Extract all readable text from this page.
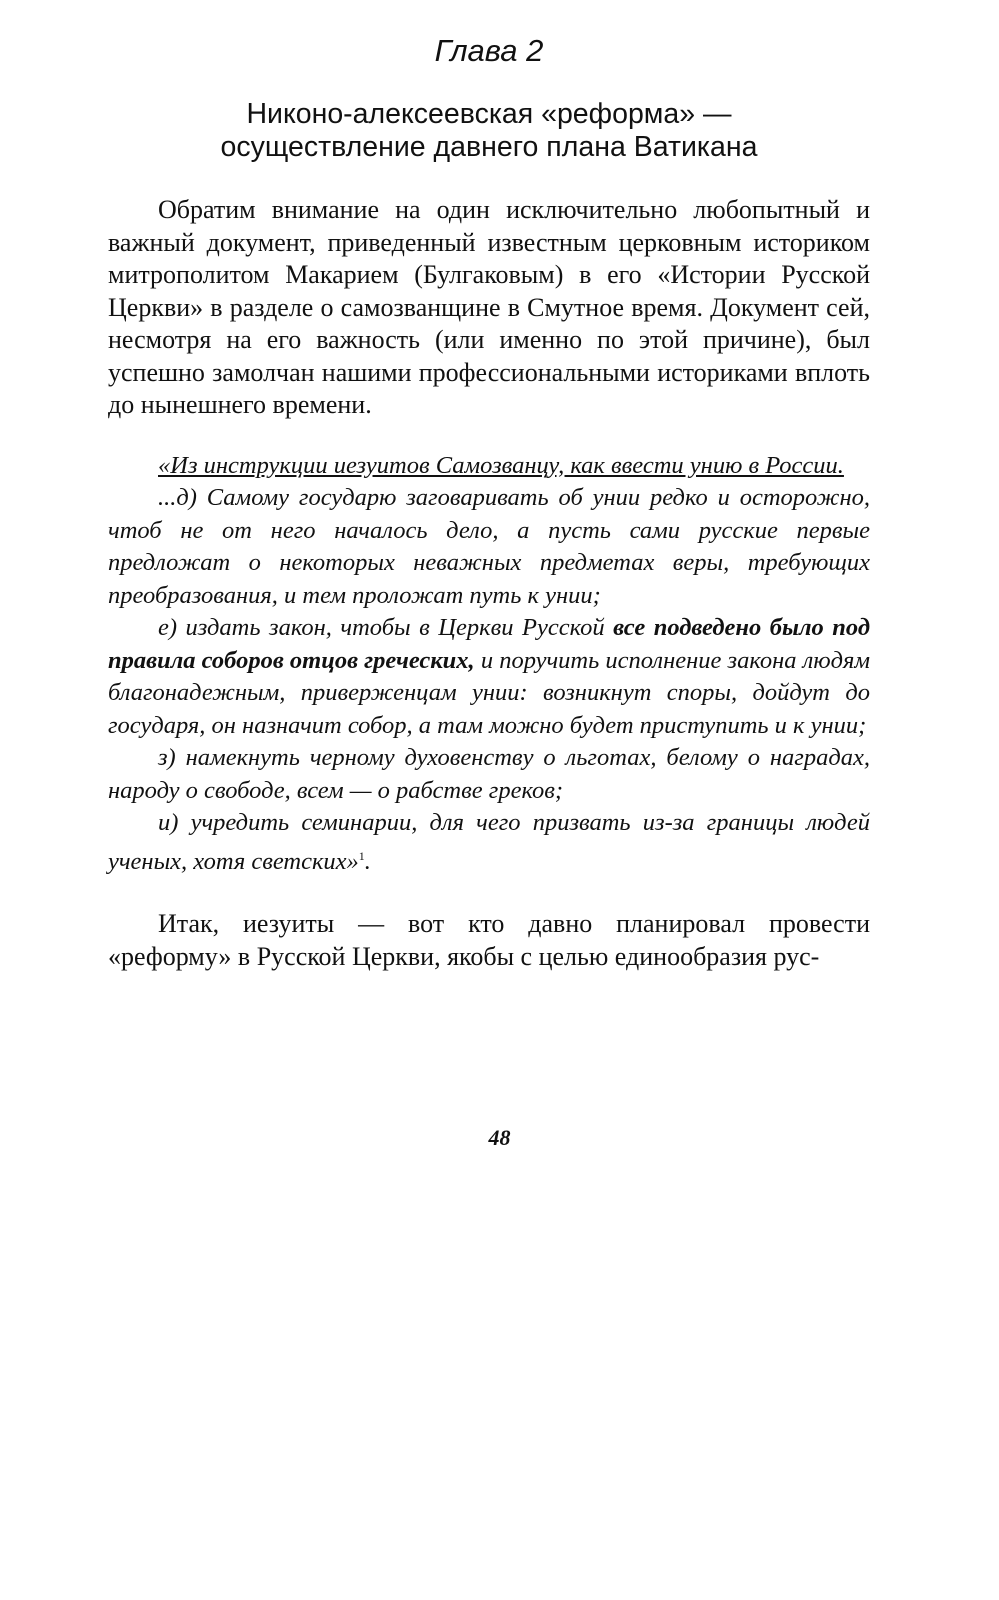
Глава 2
Никоно-алексеевская «реформа» —
осуществление давнего плана Ватикана

Обратим внимание на один исключительно любопытный и важный документ, приведенный известным церковным историком митрополитом Макарием (Булгаковым) в его «Истории Русской Церкви» в разделе о самозванщине в Смутное время. Документ сей, несмотря на его важность (или именно по этой причине), был успешно замолчан нашими профессиональными историками вплоть до нынешнего времени.

«Из инструкции иезуитов Самозванцу, как ввести унию в России.

...д) Самому государю заговаривать об унии редко и осторожно, чтоб не от него началось дело, а пусть сами русские первые предложат о некоторых неважных предметах веры, требующих преобразования, и тем проложат путь к унии;

е) издать закон, чтобы в Церкви Русской все подведено было под правила соборов отцов греческих, и поручить исполнение закона людям благонадежным, приверженцам унии: возникнут споры, дойдут до государя, он назначит собор, а там можно будет приступить и к унии;

з) намекнуть черному духовенству о льготах, белому о наградах, народу о свободе, всем — о рабстве греков;

и) учредить семинарии, для чего призвать из-за границы людей ученых, хотя светских»$^1$.

Итак, иезуиты — вот кто давно планировал провести «реформу» в Русской Церкви, якобы с целью единообразия рус-

48
